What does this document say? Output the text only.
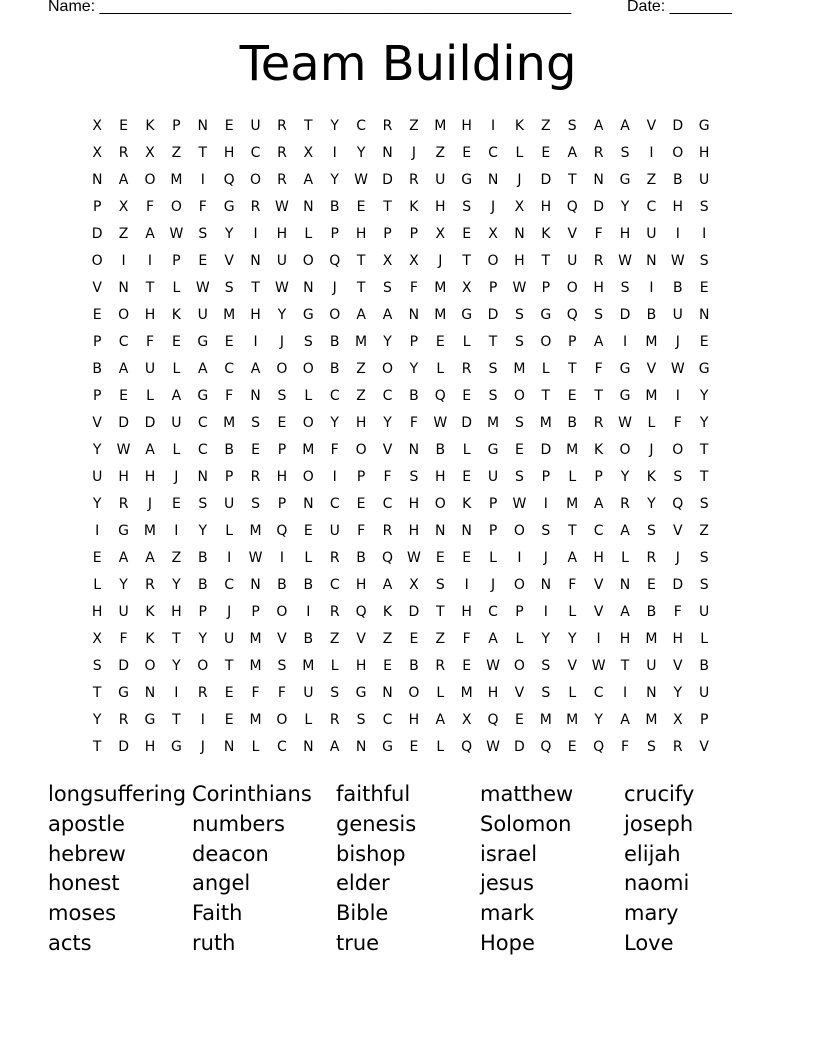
Name: _____________________________________________________	Date: _______
Team Building
X	E	K	P	N	E	U	R	T	Y	C	R	Z	M	H	I	K	Z	S	A	A	V	D	G
X	R	X	Z	T	H	C	R	X	I	Y	N	J	Z	E	C	L	E	A	R	S	I	O	H
N	A	O	M	I	Q	O	R	A	Y	W	D	R	U	G	N	J	D	T	N	G	Z	B	U
P	X	F	O	F	G	R	W	N	B	E	T	K	H	S	J	X	H	Q	D	Y	C	H	S
D	Z	A	W	S	Y	I	H	L	P	H	P	P	X	E	X	N	K	V	F	H	U	I	I
O	I	I	P	E	V	N	U	O	Q	T	X	X	J	T	O	H	T	U	R	W	N	W	S
V	N	T	L	W	S	T	W	N	J	T	S	F	M	X	P	W	P	O	H	S	I	B	E
E	O	H	K	U	M	H	Y	G	O	A	A	N	M	G	D	S	G	Q	S	D	B	U	N
P	C	F	E	G	E	I	J	S	B	M	Y	P	E	L	T	S	O	P	A	I	M	J	E
B	A	U	L	A	C	A	O	O	B	Z	O	Y	L	R	S	M	L	T	F	G	V	W	G
P	E	L	A	G	F	N	S	L	C	Z	C	B	Q	E	S	O	T	E	T	G	M	I	Y
V	D	D	U	C	M	S	E	O	Y	H	Y	F	W	D	M	S	M	B	R	W	L	F	Y
Y	W	A	L	C	B	E	P	M	F	O	V	N	B	L	G	E	D	M	K	O	J	O	T
U	H	H	J	N	P	R	H	O	I	P	F	S	H	E	U	S	P	L	P	Y	K	S	T
Y	R	J	E	S	U	S	P	N	C	E	C	H	O	K	P	W	I	M	A	R	Y	Q	S
I	G	M	I	Y	L	M	Q	E	U	F	R	H	N	N	P	O	S	T	C	A	S	V	Z
E	A	A	Z	B	I	W	I	L	R	B	Q W	E	E	L	I	J	A	H	L	R	J	S
L	Y	R	Y	B	C	N	B	B	C	H	A	X	S	I	J	O	N	F	V	N	E	D	S
H	U	K	H	P	J	P	O	I	R	Q	K	D	T	H	C	P	I	L	V	A	B	F	U
X	F	K	T	Y	U	M	V	B	Z	V	Z	E	Z	F	A	L	Y	Y	I	H	M	H	L
S	D	O	Y	O	T	M	S	M	L	H	E	B	R	E	W O	S	V	W	T	U	V	B
T	G	N	I	R	E	F	F	U	S	G	N	O	L	M	H	V	S	L	C	I	N	Y	U
Y	R	G	T	I	E	M	O	L	R	S	C	H	A	X	Q	E	M	M	Y	A	M	X	P
T	D	H	G	J	N	L	C	N	A	N	G	E	L	Q W	D	Q	E	Q	F	S	R	V
longsuffering Corinthians	faithful	matthew	crucify
apostle	numbers	genesis	Solomon	joseph
hebrew	deacon	bishop	israel	elijah
honest	angel	elder	jesus	naomi
moses	Faith	Bible	mark	mary
acts	ruth	true	Hope	Love
